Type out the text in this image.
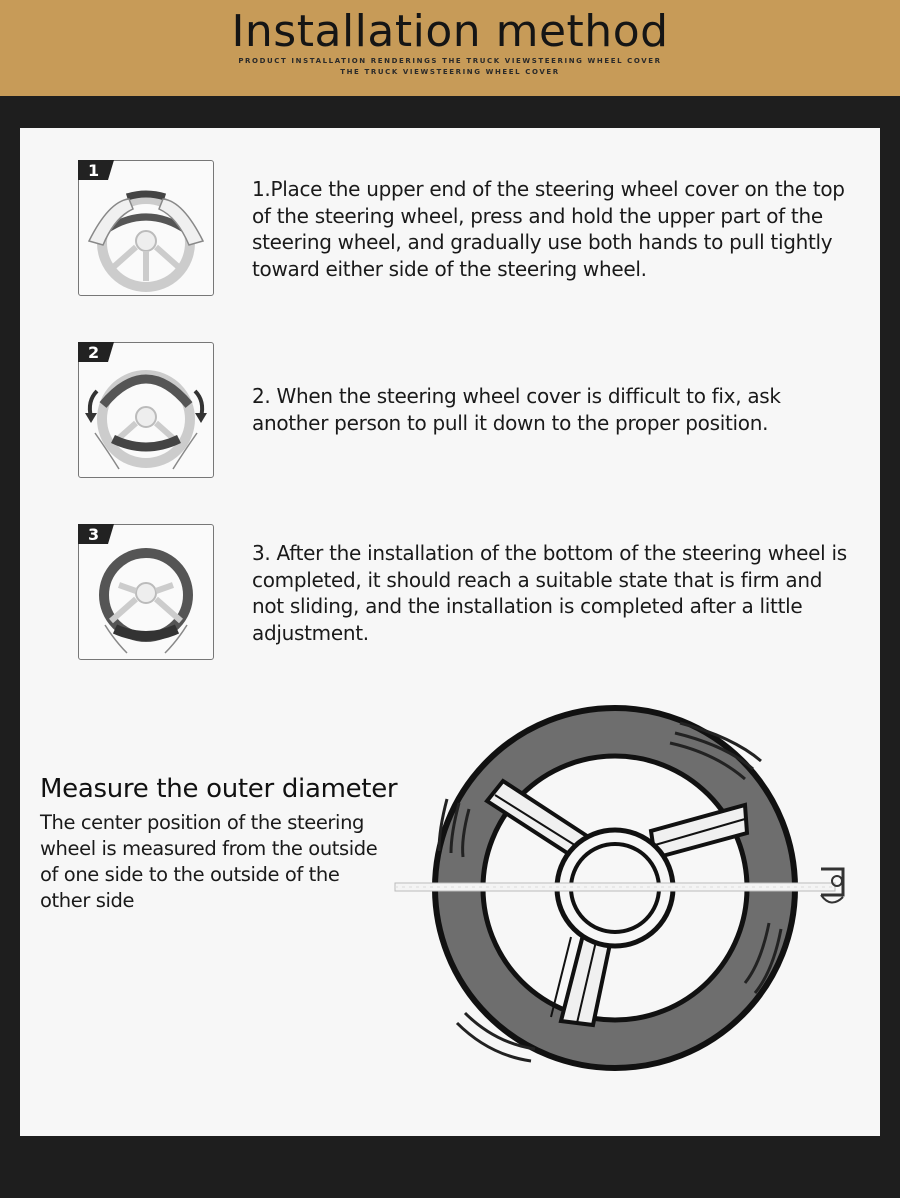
Installation method
PRODUCT INSTALLATION RENDERINGS THE TRUCK VIEWSTEERING WHEEL COVER
THE TRUCK VIEWSTEERING WHEEL COVER
1
1.Place the upper end of the steering wheel cover on the top of the steering wheel, press and hold the upper part of the steering wheel, and gradually use both hands to pull tightly toward either side of the steering wheel.
2
2. When the steering wheel cover is difficult to fix, ask another person to pull it down to the proper position.
3
3. After the installation of the bottom of the steering wheel is completed, it should reach a suitable state that is firm and not sliding, and the installation is completed after a little adjustment.
Measure the outer diameter
The center position of the steering wheel is measured from the outside of one side to the outside of the other side
